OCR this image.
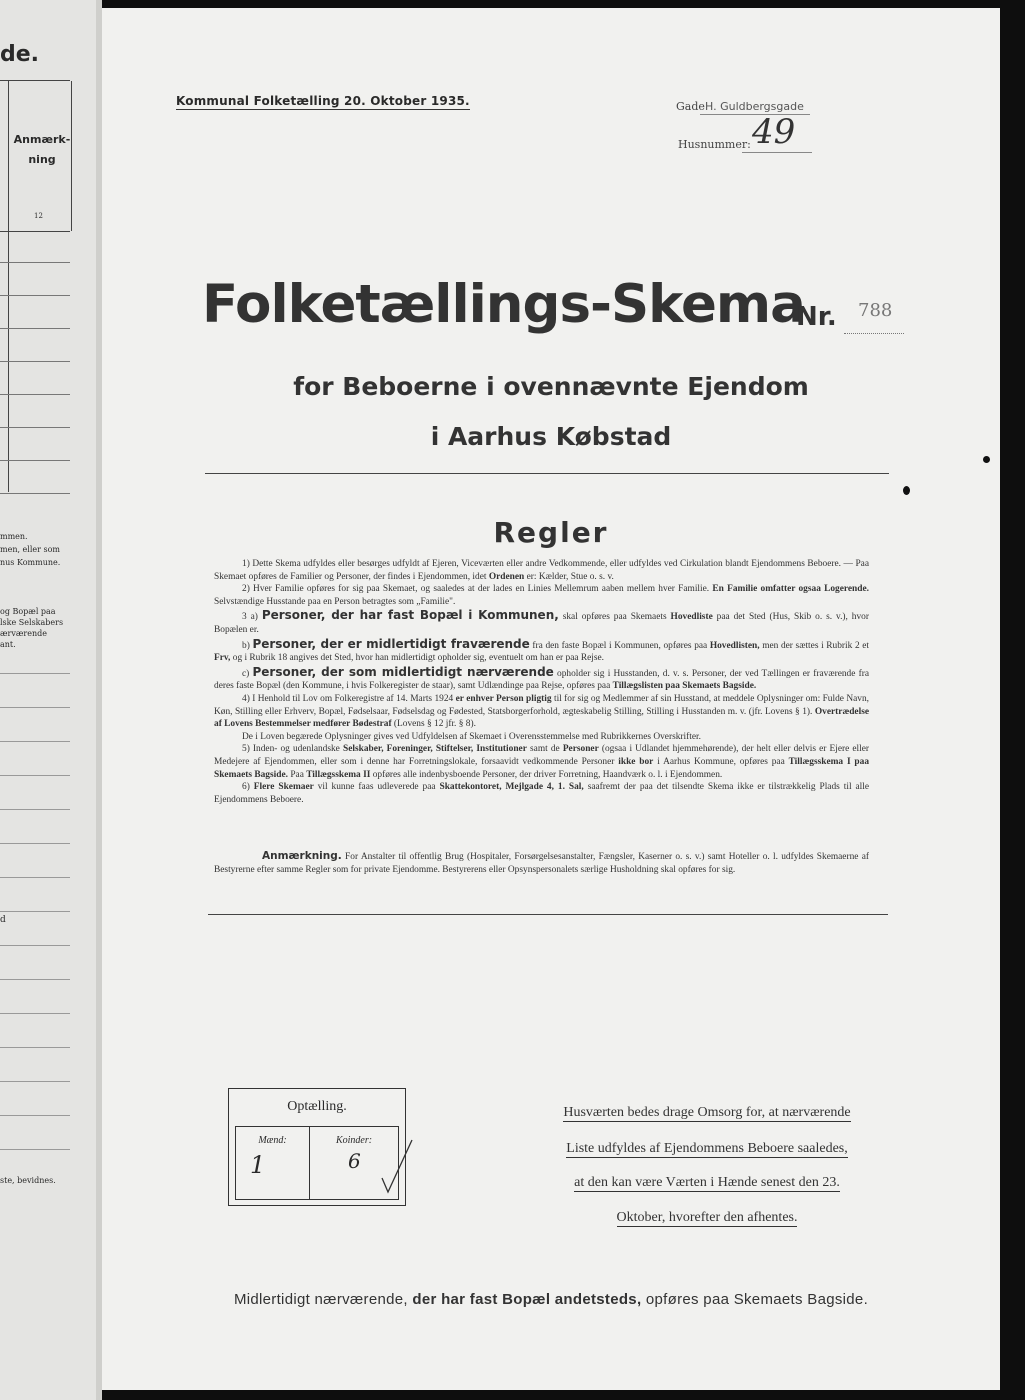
de.
Anmærk-
ning
12
mmen.
men, eller som
nus Kommune.
og Bopæl paa
lske Selskabers
ærværende
ant.
d
ste, bevidnes.
Kommunal Folketælling 20. Oktober 1935.	Gade H. Guldbergsgade
Husnummer: 49
Folketællings-Skema
Nr. 788
for Beboerne i ovennævnte Ejendom
i Aarhus Købstad
Regler

1) Dette Skema udfyldes eller besørges udfyldt af Ejeren, Viceværten eller andre Vedkommende, eller udfyldes ved Cirkulation blandt Ejendommens Beboere. — Paa Skemaet opføres de Familier og Personer, der findes i Ejendommen, idet Ordenen er: Kælder, Stue o. s. v.

2) Hver Familie opføres for sig paa Skemaet, og saaledes at der lades en Linies Mellemrum aaben mellem hver Familie. En Familie omfatter ogsaa Logerende. Selvstændige Husstande paa en Person betragtes som „Familie".

3 a) Personer, der har fast Bopæl i Kommunen, skal opføres paa Skemaets Hovedliste paa det Sted (Hus, Skib o. s. v.), hvor Bopælen er.

b) Personer, der er midlertidigt fraværende fra den faste Bopæl i Kommunen, opføres paa Hovedlisten, men der sættes i Rubrik 2 et Frv, og i Rubrik 18 angives det Sted, hvor han midlertidigt opholder sig, eventuelt om han er paa Rejse.

c) Personer, der som midlertidigt nærværende opholder sig i Husstanden, d. v. s. Personer, der ved Tællingen er fraværende fra deres faste Bopæl (den Kommune, i hvis Folkeregister de staar), samt Udlændinge paa Rejse, opføres paa Tillægslisten paa Skemaets Bagside.

4) I Henhold til Lov om Folkeregistre af 14. Marts 1924 er enhver Person pligtig til for sig og Medlemmer af sin Husstand, at meddele Oplysninger om: Fulde Navn, Køn, Stilling eller Erhverv, Bopæl, Fødselsaar, Fødselsdag og Fødested, Statsborgerforhold, ægteskabelig Stilling, Stilling i Husstanden m. v. (jfr. Lovens § 1). Overtrædelse af Lovens Bestemmelser medfører Bødestraf (Lovens § 12 jfr. § 8).

De i Loven begærede Oplysninger gives ved Udfyldelsen af Skemaet i Overensstemmelse med Rubrikkernes Overskrifter.

5) Inden- og udenlandske Selskaber, Foreninger, Stiftelser, Institutioner samt de Personer (ogsaa i Udlandet hjemmehørende), der helt eller delvis er Ejere eller Medejere af Ejendommen, eller som i denne har Forretningslokale, forsaavidt vedkommende Personer ikke bor i Aarhus Kommune, opføres paa Tillægsskema I paa Skemaets Bagside. Paa Tillægsskema II opføres alle indenbysboende Personer, der driver Forretning, Haandværk o. l. i Ejendommen.

6) Flere Skemaer vil kunne faas udleverede paa Skattekontoret, Mejlgade 4, 1. Sal, saafremt der paa det tilsendte Skema ikke er tilstrækkelig Plads til alle Ejendommens Beboere.

Anmærkning. For Anstalter til offentlig Brug (Hospitaler, Forsørgelsesanstalter, Fængsler, Kaserner o. s. v.) samt Hoteller o. l. udfyldes Skemaerne af Bestyrerne efter samme Regler som for private Ejendomme. Bestyrerens eller Opsynspersonalets særlige Husholdning skal opføres for sig.
Optælling.
Mænd:	Koinder:
1	6
Husværten bedes drage Omsorg for, at nærværende
Liste udfyldes af Ejendommens Beboere saaledes,
at den kan være Værten i Hænde senest den 23.
Oktober, hvorefter den afhentes.
Midlertidigt nærværende, der har fast Bopæl andetsteds, opføres paa Skemaets Bagside.
